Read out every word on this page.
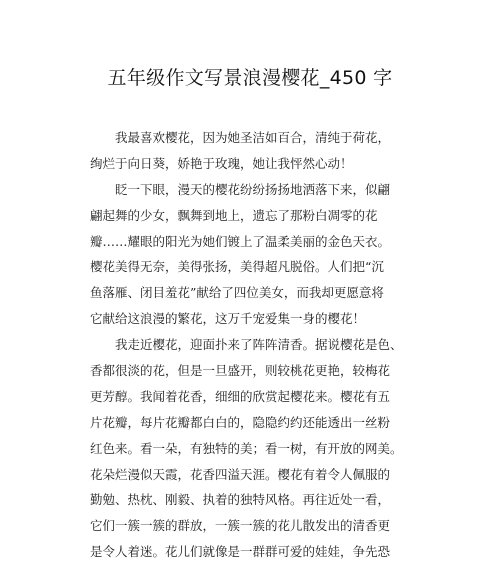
五年级作文写景浪漫樱花_450 字
　　我最喜欢樱花，因为她圣洁如百合，清纯于荷花，
绚烂于向日葵，娇艳于玫瑰，她让我怦然心动！
　　眨一下眼，漫天的樱花纷纷扬扬地洒落下来，似翩
翩起舞的少女，飘舞到地上，遗忘了那粉白凋零的花
瓣……耀眼的阳光为她们镀上了温柔美丽的金色天衣。
樱花美得无奈，美得张扬，美得超凡脱俗。人们把“沉
鱼落雁、闭目羞花”献给了四位美女，而我却更愿意将
它献给这浪漫的繁花，这万千宠爱集一身的樱花！
　　我走近樱花，迎面扑来了阵阵清香。据说樱花是色、
香都很淡的花，但是一旦盛开，则较桃花更艳，较梅花
更芳醇。我闻着花香，细细的欣赏起樱花来。樱花有五
片花瓣，每片花瓣都白白的，隐隐约约还能透出一丝粉
红色来。看一朵，有独特的美；看一树，有开放的网美。
花朵烂漫似天霞，花香四溢天涯。樱花有着令人佩服的
勤勉、热枕、刚毅、执着的独特风格。再往近处一看，
它们一簇一簇的群放，一簇一簇的花儿散发出的清香更
是令人着迷。花儿们就像是一群群可爱的娃娃，争先恐
